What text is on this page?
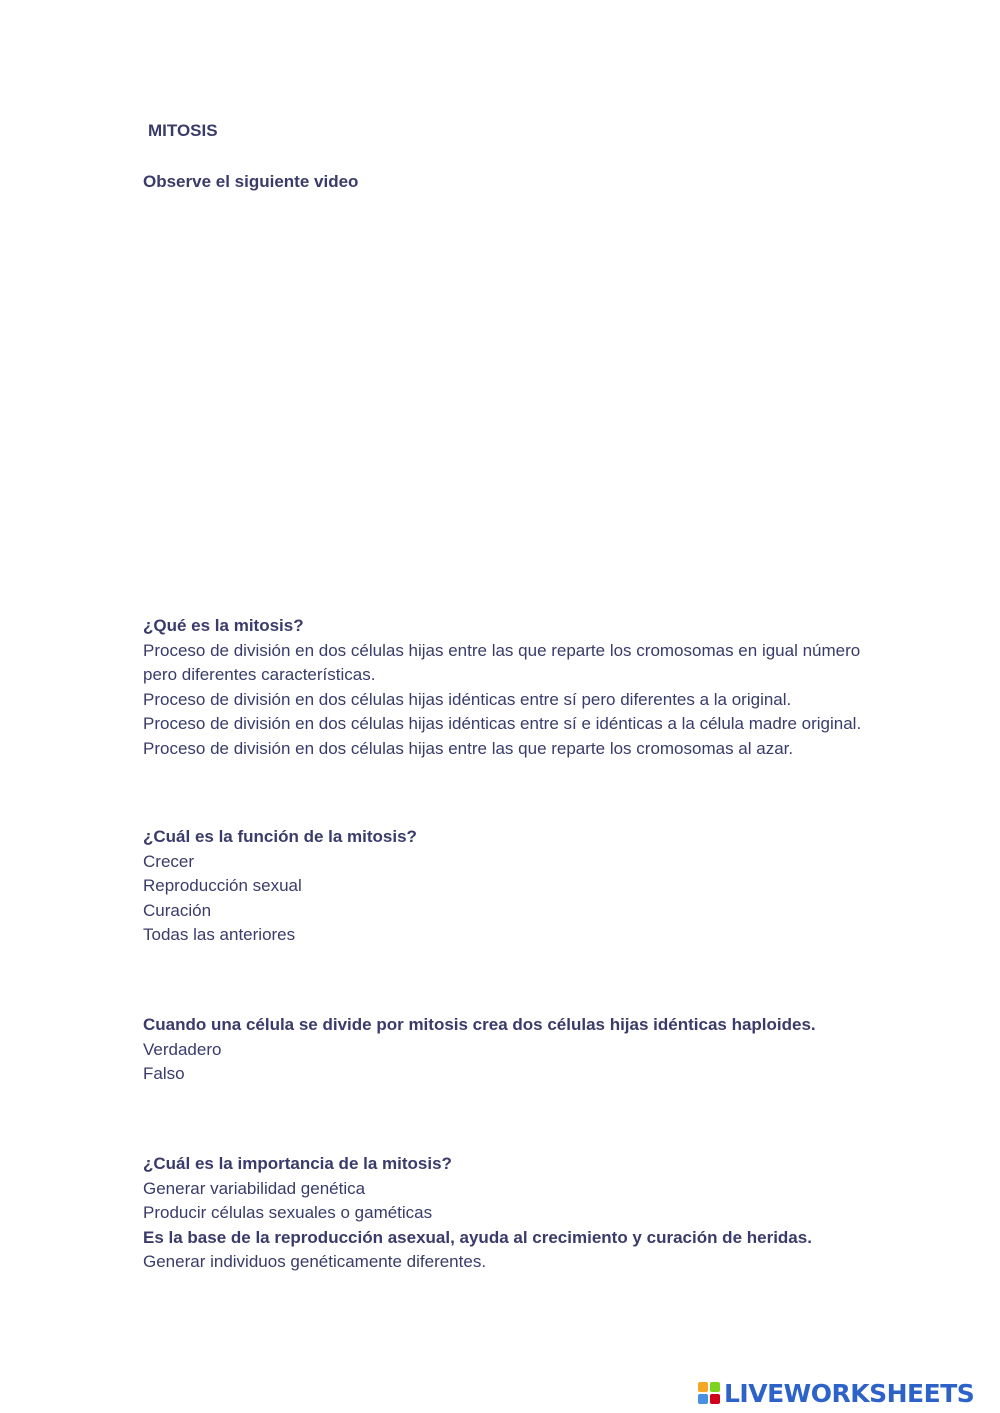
MITOSIS
Observe el siguiente video
¿Qué es la mitosis?
Proceso de división en dos células hijas entre las que reparte los cromosomas en igual número pero diferentes características.
Proceso de división en dos células hijas idénticas entre sí pero diferentes a la original.
Proceso de división en dos células hijas idénticas entre sí e idénticas a la célula madre original.
Proceso de división en dos células hijas entre las que reparte los cromosomas al azar.
¿Cuál es la función de la mitosis?
Crecer
Reproducción sexual
Curación
Todas las anteriores
Cuando una célula se divide por mitosis crea dos células hijas idénticas haploides.
Verdadero
Falso
¿Cuál es la importancia de la mitosis?
Generar variabilidad genética
Producir células sexuales o gaméticas
Es la base de la reproducción asexual, ayuda al crecimiento y curación de heridas.
Generar individuos genéticamente diferentes.
LIVEWORKSHEETS
